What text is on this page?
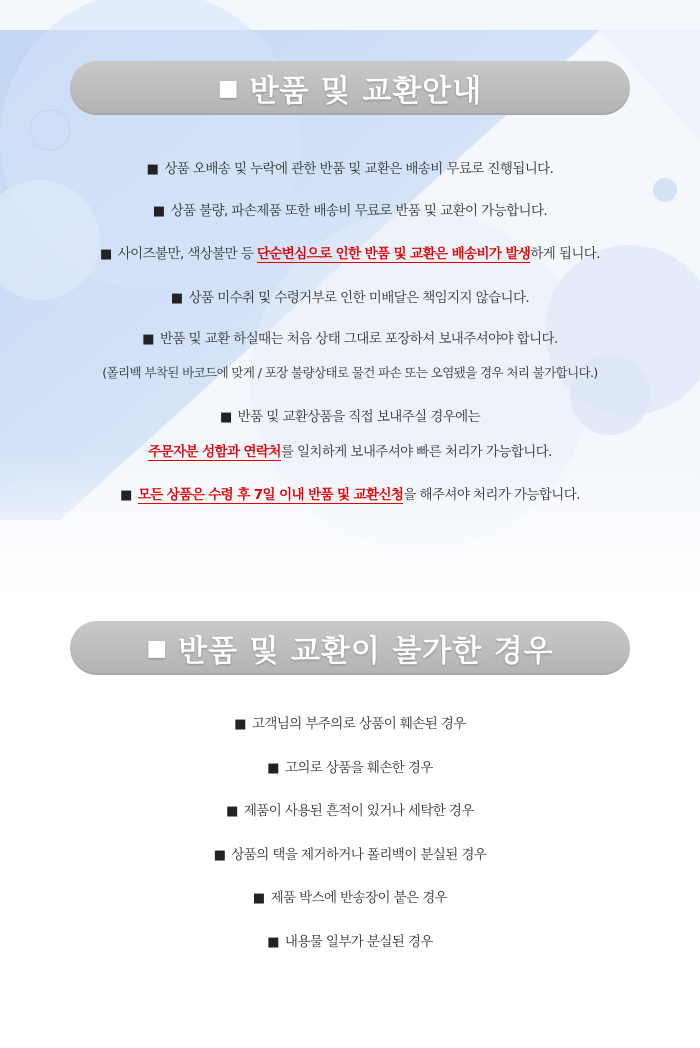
■ 반품 및 교환안내
■ 상품 오배송 및 누락에 관한 반품 및 교환은 배송비 무료로 진행됩니다.
■ 상품 불량, 파손제품 또한 배송비 무료로 반품 및 교환이 가능합니다.
■ 사이즈불만, 색상불만 등 단순변심으로 인한 반품 및 교환은 배송비가 발생하게 됩니다.
■ 상품 미수취 및 수령거부로 인한 미배달은 책임지지 않습니다.
■ 반품 및 교환 하실때는 처음 상태 그대로 포장하셔 보내주셔야야 합니다.
(폴리백 부착된 바코드에 맞게 / 포장 불량상태로 물건 파손 또는 오염됐을 경우 처리 불가합니다.)
■ 반품 및 교환상품을 직접 보내주실 경우에는
주문자분 성함과 연락처를 일치하게 보내주셔야 빠른 처리가 가능합니다.
■ 모든 상품은 수령 후 7일 이내 반품 및 교환신청을 해주셔야 처리가 가능합니다.
■ 반품 및 교환이 불가한 경우
■ 고객님의 부주의로 상품이 훼손된 경우
■ 고의로 상품을 훼손한 경우
■ 제품이 사용된 흔적이 있거나 세탁한 경우
■ 상품의 택을 제거하거나 폴리백이 분실된 경우
■ 제품 박스에 반송장이 붙은 경우
■ 내용물 일부가 분실된 경우
